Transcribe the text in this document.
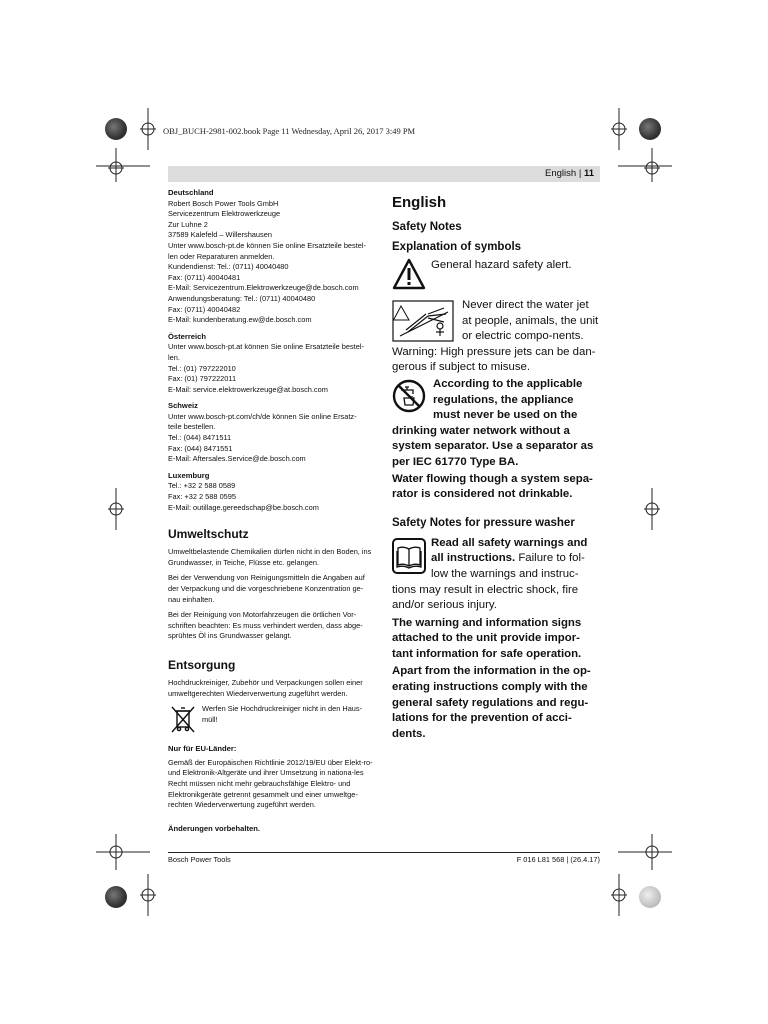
OBJ_BUCH-2981-002.book Page 11 Wednesday, April 26, 2017 3:49 PM
English | 11
Deutschland

Robert Bosch Power Tools GmbH

Servicezentrum Elektrowerkzeuge

Zur Luhne 2

37589 Kalefeld – Willershausen

Unter www.bosch-pt.de können Sie online Ersatzteile bestel-

len oder Reparaturen anmelden.

Kundendienst: Tel.: (0711) 40040480

Fax: (0711) 40040481

E-Mail: Servicezentrum.Elektrowerkzeuge@de.bosch.com

Anwendungsberatung: Tel.: (0711) 40040480

Fax: (0711) 40040482

E-Mail: kundenberatung.ew@de.bosch.com

Österreich

Unter www.bosch-pt.at können Sie online Ersatzteile bestel-

len.

Tel.: (01) 797222010

Fax: (01) 797222011

E-Mail: service.elektrowerkzeuge@at.bosch.com

Schweiz

Unter www.bosch-pt.com/ch/de können Sie online Ersatz-

teile bestellen.

Tel.: (044) 8471511

Fax: (044) 8471551

E-Mail: Aftersales.Service@de.bosch.com

Luxemburg

Tel.: +32 2 588 0589

Fax: +32 2 588 0595

E-Mail: outillage.gereedschap@be.bosch.com

Umweltschutz

Umweltbelastende Chemikalien dürfen nicht in den Boden, ins Grundwasser, in Teiche, Flüsse etc. gelangen.

Bei der Verwendung von Reinigungsmitteln die Angaben auf der Verpackung und die vorgeschriebene Konzentration ge-nau einhalten.

Bei der Reinigung von Motorfahrzeugen die örtlichen Vor-schriften beachten: Es muss verhindert werden, dass abge-sprühtes Öl ins Grundwasser gelangt.

Entsorgung

Hochdruckreiniger, Zubehör und Verpackungen sollen einer umweltgerechten Wiederverwertung zugeführt werden.

Werfen Sie Hochdruckreiniger nicht in den Haus-müll!

Nur für EU-Länder:

Gemäß der Europäischen Richtlinie 2012/19/EU über Elekt-ro- und Elektronik-Altgeräte und ihrer Umsetzung in nationa-les Recht müssen nicht mehr gebrauchsfähige Elektro- und Elektronikgeräte getrennt gesammelt und einer umweltge-rechten Wiederverwertung zugeführt werden.

Änderungen vorbehalten.
English
Safety Notes
Explanation of symbols
General hazard safety alert.
Never direct the water jet at people, animals, the unit or electric compo-nents.
Warning: High pressure jets can be dan-gerous if subject to misuse.
According to the applicable regulations, the appliance must never be used on the drinking water network without a system separator. Use a separator as per IEC 61770 Type BA.
Water flowing though a system sepa-rator is considered not drinkable.
Safety Notes for pressure washer
Read all safety warnings and all instructions. Failure to fol-low the warnings and instruc-tions may result in electric shock, fire and/or serious injury.
The warning and information signs attached to the unit provide impor-tant information for safe operation.
Apart from the information in the op-erating instructions comply with the general safety regulations and regu-lations for the prevention of acci-dents.
Bosch Power Tools	F 016 L81 568 | (26.4.17)
